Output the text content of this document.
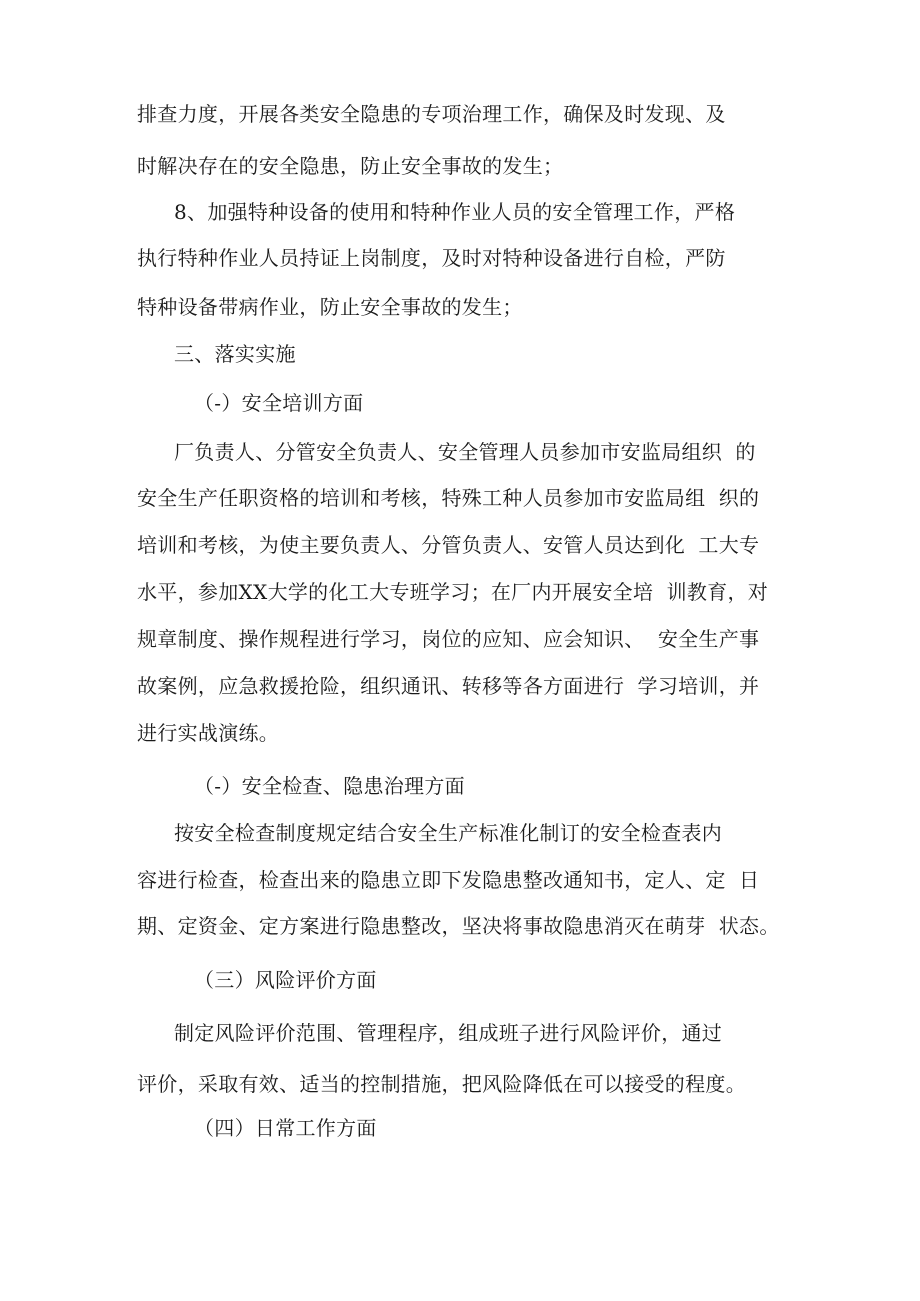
排查力度，开展各类安全隐患的专项治理工作，确保及时发现、及
时解决存在的安全隐患，防止安全事故的发生；
8、加强特种设备的使用和特种作业人员的安全管理工作，严格
执行特种作业人员持证上岗制度，及时对特种设备进行自检，严防
特种设备带病作业，防止安全事故的发生；
三、落实实施
（-）安全培训方面
厂负责人、分管安全负责人、安全管理人员参加市安监局组织  的
安全生产任职资格的培训和考核，特殊工种人员参加市安监局组  织的
培训和考核，为使主要负责人、分管负责人、安管人员达到化  工大专
水平，参加XX大学的化工大专班学习；在厂内开展安全培  训教育，对
规章制度、操作规程进行学习，岗位的应知、应会知识、  安全生产事
故案例，应急救援抢险，组织通讯、转移等各方面进行  学习培训，并
进行实战演练。
（-）安全检查、隐患治理方面
按安全检查制度规定结合安全生产标准化制订的安全检查表内
容进行检查，检查出来的隐患立即下发隐患整改通知书，定人、定  日
期、定资金、定方案进行隐患整改，坚决将事故隐患消灭在萌芽  状态。
（三）风险评价方面
制定风险评价范围、管理程序，组成班子进行风险评价，通过
评价，采取有效、适当的控制措施，把风险降低在可以接受的程度。
（四）日常工作方面
